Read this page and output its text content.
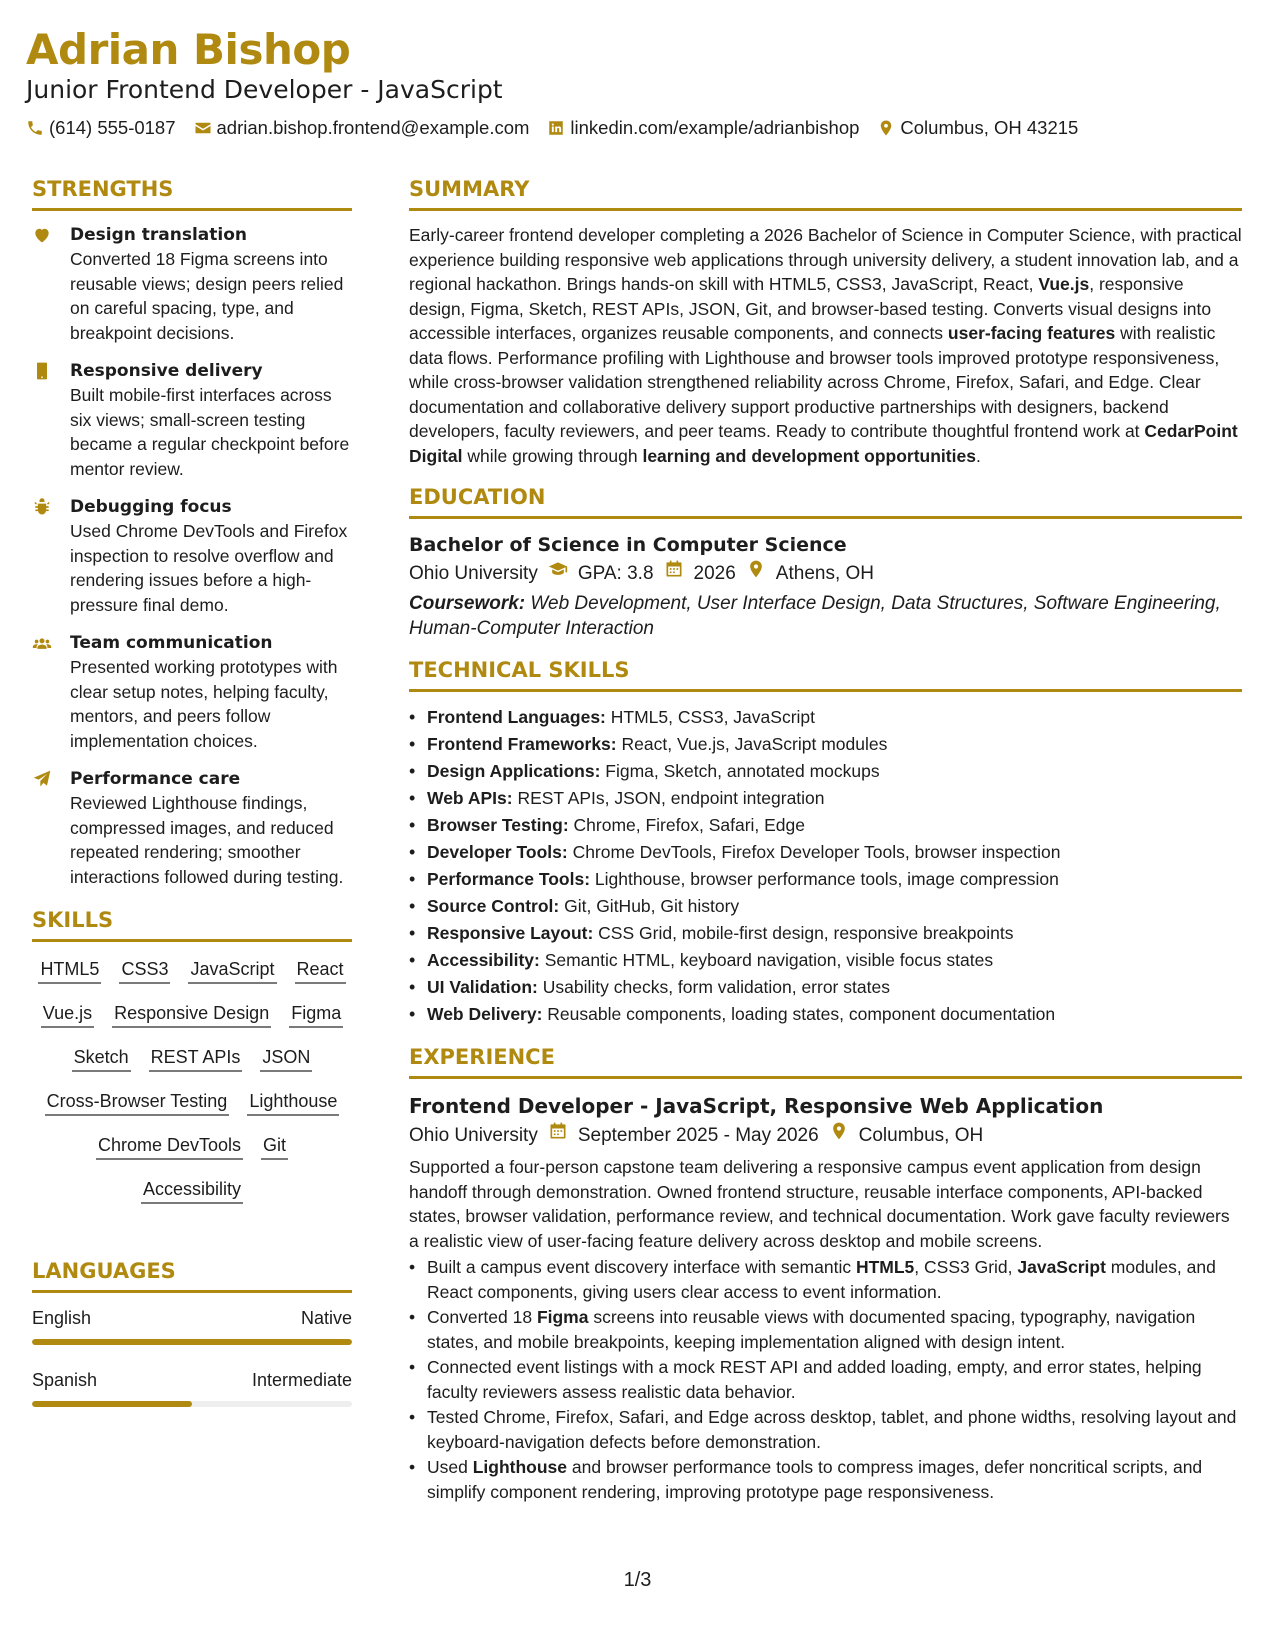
Adrian Bishop
Junior Frontend Developer - JavaScript
(614) 555-0187 adrian.bishop.frontend@example.com linkedin.com/example/adrianbishop Columbus, OH 43215
STRENGTHS
Design translation
Converted 18 Figma screens into reusable views; design peers relied on careful spacing, type, and breakpoint decisions.
Responsive delivery
Built mobile-first interfaces across six views; small-screen testing became a regular checkpoint before mentor review.
Debugging focus
Used Chrome DevTools and Firefox inspection to resolve overflow and rendering issues before a high-pressure final demo.
Team communication
Presented working prototypes with clear setup notes, helping faculty, mentors, and peers follow implementation choices.
Performance care
Reviewed Lighthouse findings, compressed images, and reduced repeated rendering; smoother interactions followed during testing.
SKILLS
HTML5 CSS3 JavaScript React
Vue.js Responsive Design Figma
Sketch REST APIs JSON
Cross-Browser Testing Lighthouse
Chrome DevTools Git
Accessibility
LANGUAGES
English	Native
Spanish	Intermediate
SUMMARY
Early-career frontend developer completing a 2026 Bachelor of Science in Computer Science, with practical experience building responsive web applications through university delivery, a student innovation lab, and a regional hackathon. Brings hands-on skill with HTML5, CSS3, JavaScript, React, Vue.js, responsive design, Figma, Sketch, REST APIs, JSON, Git, and browser-based testing. Converts visual designs into accessible interfaces, organizes reusable components, and connects user-facing features with realistic data flows. Performance profiling with Lighthouse and browser tools improved prototype responsiveness, while cross-browser validation strengthened reliability across Chrome, Firefox, Safari, and Edge. Clear documentation and collaborative delivery support productive partnerships with designers, backend developers, faculty reviewers, and peer teams. Ready to contribute thoughtful frontend work at CedarPoint Digital while growing through learning and development opportunities.
EDUCATION
Bachelor of Science in Computer Science
Ohio University GPA: 3.8 2026 Athens, OH
Coursework: Web Development, User Interface Design, Data Structures, Software Engineering, Human-Computer Interaction
TECHNICAL SKILLS
• Frontend Languages: HTML5, CSS3, JavaScript
• Frontend Frameworks: React, Vue.js, JavaScript modules
• Design Applications: Figma, Sketch, annotated mockups
• Web APIs: REST APIs, JSON, endpoint integration
• Browser Testing: Chrome, Firefox, Safari, Edge
• Developer Tools: Chrome DevTools, Firefox Developer Tools, browser inspection
• Performance Tools: Lighthouse, browser performance tools, image compression
• Source Control: Git, GitHub, Git history
• Responsive Layout: CSS Grid, mobile-first design, responsive breakpoints
• Accessibility: Semantic HTML, keyboard navigation, visible focus states
• UI Validation: Usability checks, form validation, error states
• Web Delivery: Reusable components, loading states, component documentation
EXPERIENCE
Frontend Developer - JavaScript, Responsive Web Application
Ohio University September 2025 - May 2026 Columbus, OH
Supported a four-person capstone team delivering a responsive campus event application from design handoff through demonstration. Owned frontend structure, reusable interface components, API-backed states, browser validation, performance review, and technical documentation. Work gave faculty reviewers a realistic view of user-facing feature delivery across desktop and mobile screens.
• Built a campus event discovery interface with semantic HTML5, CSS3 Grid, JavaScript modules, and React components, giving users clear access to event information.
• Converted 18 Figma screens into reusable views with documented spacing, typography, navigation states, and mobile breakpoints, keeping implementation aligned with design intent.
• Connected event listings with a mock REST API and added loading, empty, and error states, helping faculty reviewers assess realistic data behavior.
• Tested Chrome, Firefox, Safari, and Edge across desktop, tablet, and phone widths, resolving layout and keyboard-navigation defects before demonstration.
• Used Lighthouse and browser performance tools to compress images, defer noncritical scripts, and simplify component rendering, improving prototype page responsiveness.
1/3
